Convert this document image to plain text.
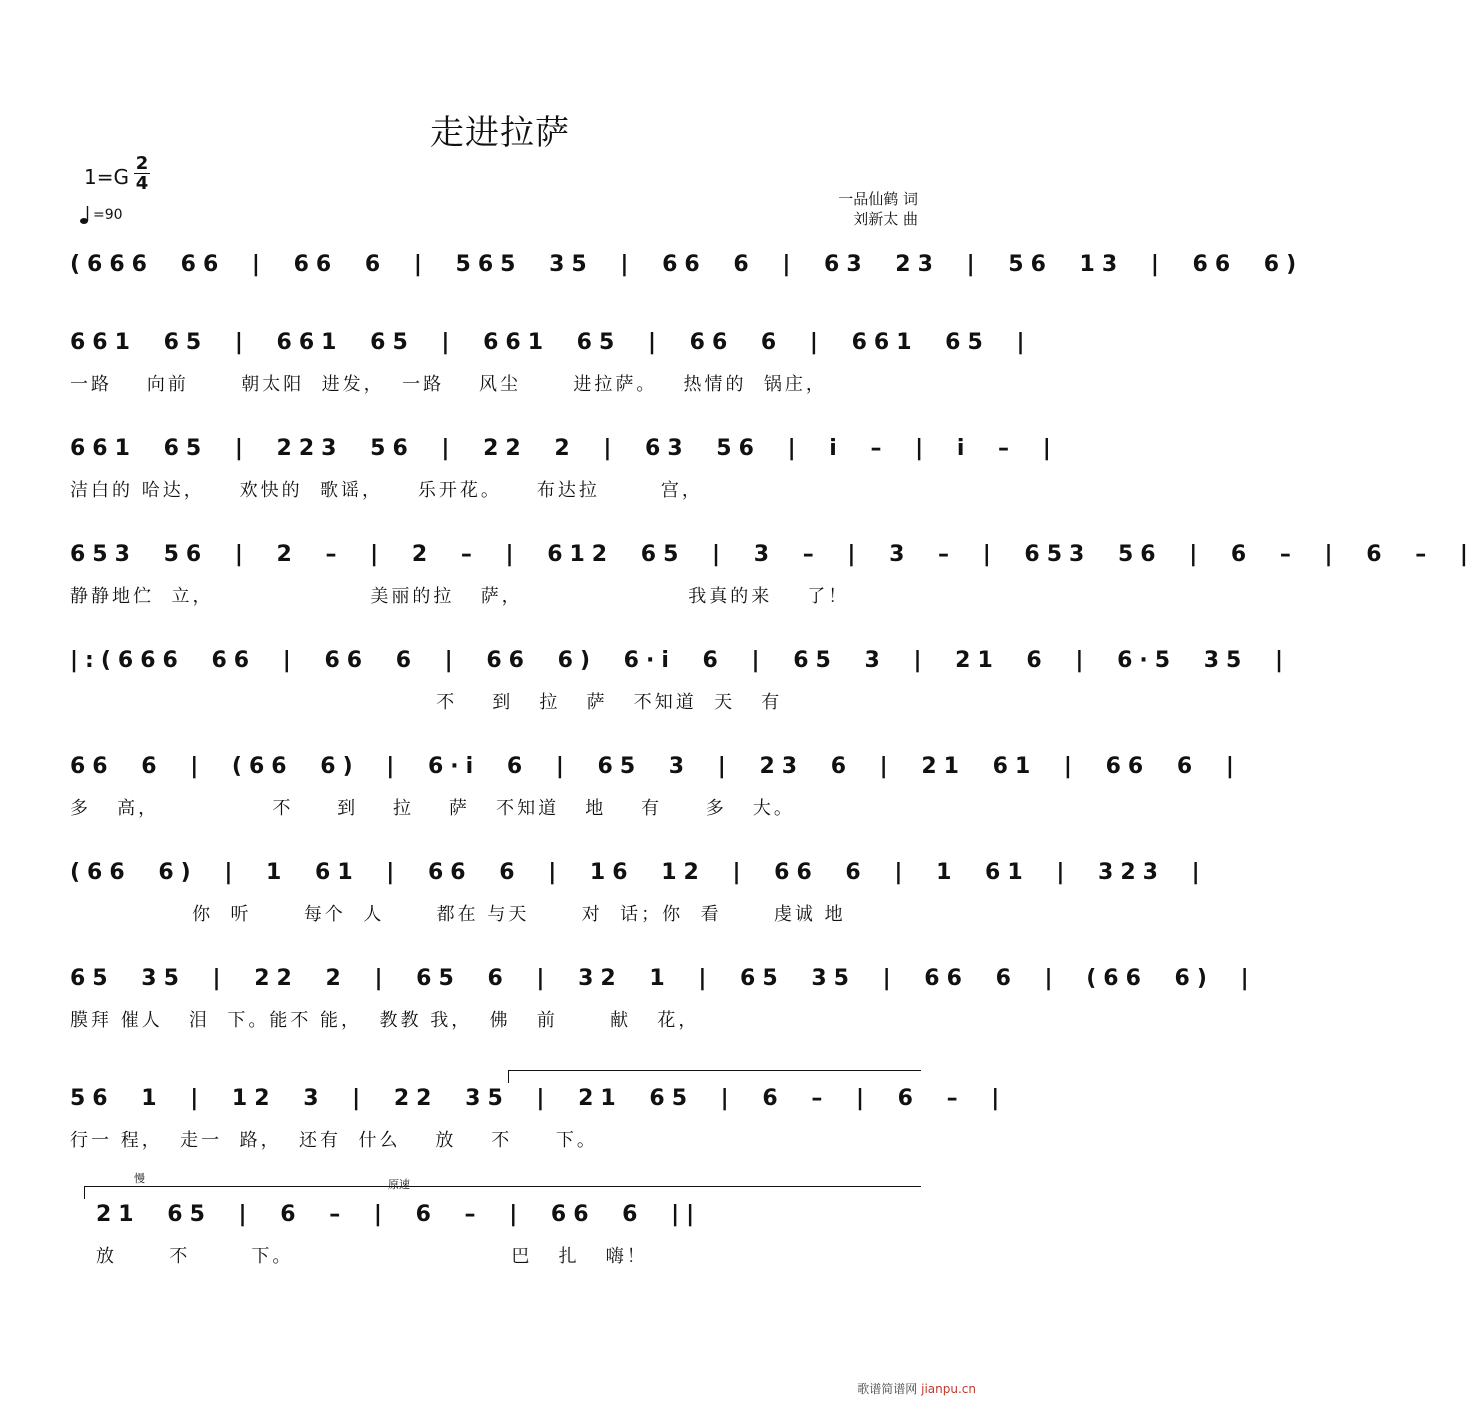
走进拉萨
1=G
2
4
=90
一品仙鹤 词
刘新太 曲
(666 66 | 66 6 | 565 35 | 66 6 | 63 23 | 56 13 | 66 6)
661 65 | 661 65 | 661 65 | 66 6 | 661 65 |
一路    向前      朝太阳  进发，  一路    风尘      进拉萨。   热情的  锅庄，
661 65 | 223 56 | 22 2 | 63 56 | i – | i – |
洁白的 哈达，    欢快的  歌谣，    乐开花。    布达拉       宫，
653 56 | 2 – | 2 – | 612 65 | 3 – | 3 – | 653 56 | 6 – | 6 – |
静静地伫  立，                  美丽的拉   萨，                   我真的来    了！
|:(666 66 | 66 6 | 66 6) 6·i 6 | 65 3 | 21 6 | 6·5 35 |
不    到   拉   萨   不知道  天   有
66 6 | (66 6) | 6·i 6 | 65 3 | 23 6 | 21 61 | 66 6 |
多   高，             不     到    拉    萨   不知道   地    有     多   大。
(66 6) | 1 61 | 66 6 | 16 12 | 66 6 | 1 61 | 323 |
你  听      每个  人      都在 与天      对  话；你  看      虔诚 地
65 35 | 22 2 | 65 6 | 32 1 | 65 35 | 66 6 | (66 6) |
膜拜 催人   泪  下。能不 能，  教教 我，  佛   前      献   花，
56 1 | 12 3 | 22 35 | 21 65 | 6 – | 6 – |
行一 程，  走一  路，  还有  什么    放    不     下。
慢	原速
21 65 | 6 – | 6 – | 66 6 ||
放      不       下。                         巴   扎   嗨！
歌谱简谱网 jianpu.cn
